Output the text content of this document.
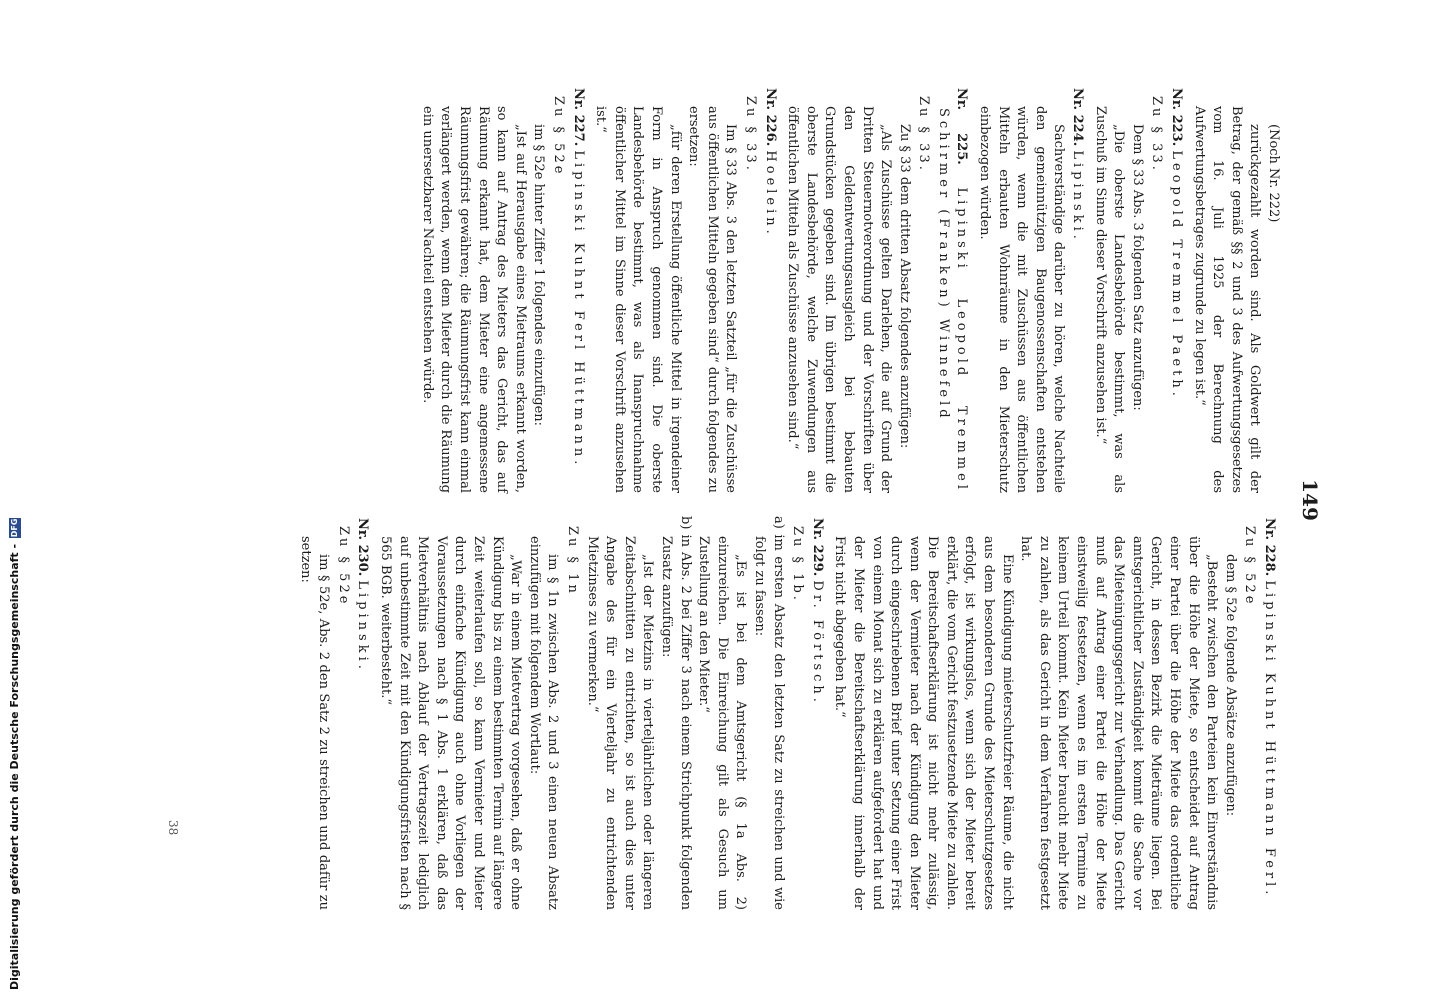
149

(Noch Nr. 222)

zurückgezahlt worden sind. Als Goldwert gilt der Betrag, der gemäß §§ 2 und 3 des Aufwertungsgesetzes vom 16. Juli 1925 der Berechnung des Aufwertungsbetrages zugrunde zu legen ist.“

Nr. 223. Leopold Tremmel Paeth.

Zu § 33.

Dem § 33 Abs. 3 folgenden Satz anzufügen:

„Die oberste Landesbehörde bestimmt, was als Zuschuß im Sinne dieser Vorschrift anzusehen ist.“

Nr. 224. Lipinski.

Sachverständige darüber zu hören, welche Nachteile den gemeinnützigen Baugenossenschaften entstehen würden, wenn die mit Zuschüssen aus öffentlichen Mitteln erbauten Wohnräume in den Mieterschutz einbezogen würden.

Nr. 225. Lipinski Leopold Tremmel Schirmer (Franken) Winnefeld

Zu § 33.

Zu § 33 dem dritten Absatz folgendes anzufügen:

„Als Zuschüsse gelten Darlehen, die auf Grund der Dritten Steuernotverordnung und der Vorschriften über den Geldentwertungsausgleich bei bebauten Grundstücken gegeben sind. Im übrigen bestimmt die oberste Landesbehörde, welche Zuwendungen aus öffentlichen Mitteln als Zuschüsse anzusehen sind.“

Nr. 226. Hoelein.

Zu § 33.

Im § 33 Abs. 3 den letzten Satzteil „für die Zuschüsse aus öffentlichen Mitteln gegeben sind“ durch folgendes zu ersetzen:

„für deren Erstellung öffentliche Mittel in irgendeiner Form in Anspruch genommen sind. Die oberste Landesbehörde bestimmt, was als Inanspruchnahme öffentlicher Mittel im Sinne dieser Vorschrift anzusehen ist.“

Nr. 227. Lipinski Kuhnt Ferl Hüttmann.

Zu § 52e

im § 52e hinter Ziffer 1 folgendes einzufügen:

„Ist auf Herausgabe eines Mietraums erkannt worden, so kann auf Antrag des Mieters das Gericht, das auf Räumung erkannt hat, dem Mieter eine angemessene Räumungsfrist gewähren; die Räumungsfrist kann einmal verlängert werden, wenn dem Mieter durch die Räumung ein unersetzbarer Nachteil entstehen würde.

Nr. 228. Lipinski Kuhnt Hüttmann Ferl.

Zu § 52e

dem § 52e folgende Absätze anzufügen:

„Besteht zwischen den Parteien kein Einverständnis über die Höhe der Miete, so entscheidet auf Antrag einer Partei über die Höhe der Miete das ordentliche Gericht, in dessen Bezirk die Mieträume liegen. Bei amtsgerichtlicher Zuständigkeit kommt die Sache vor das Mieteinigungsgericht zur Verhandlung. Das Gericht muß auf Antrag einer Partei die Höhe der Miete einstweilig festsetzen, wenn es im ersten Termine zu keinem Urteil kommt. Kein Mieter braucht mehr Miete zu zahlen, als das Gericht in dem Verfahren festgesetzt hat.

Eine Kündigung mieterschutzfreier Räume, die nicht aus dem besonderen Grunde des Mieterschutzgesetzes erfolgt, ist wirkungslos, wenn sich der Mieter bereit erklärt, die vom Gericht festzusetzende Miete zu zahlen. Die Bereitschaftserklärung ist nicht mehr zulässig, wenn der Vermieter nach der Kündigung den Mieter durch eingeschriebenen Brief unter Setzung einer Frist von einem Monat sich zu erklären aufgefordert hat und der Mieter die Bereitschaftserklärung innerhalb der Frist nicht abgegeben hat.“

Nr. 229. Dr. Förtsch.

Zu § 1b.

a) im ersten Absatz den letzten Satz zu streichen und wie folgt zu fassen:

„Es ist bei dem Amtsgericht (§ 1a Abs. 2) einzureichen. Die Einreichung gilt als Gesuch um Zustellung an den Mieter.“

b) in Abs. 2 bei Ziffer 3 nach einem Strichpunkt folgenden Zusatz anzufügen:

„Ist der Mietzins in vierteljährlichen oder längeren Zeitabschnitten zu entrichten, so ist auch dies unter Angabe des für ein Vierteljahr zu entrichtenden Mietzinses zu vermerken.“

Zu § 1n

im § 1n zwischen Abs. 2 und 3 einen neuen Absatz einzufügen mit folgendem Wortlaut:

„War in einem Mietvertrag vorgesehen, daß er ohne Kündigung bis zu einem bestimmten Termin auf längere Zeit weiterlaufen soll, so kann Vermieter und Mieter durch einfache Kündigung auch ohne Vorliegen der Voraussetzungen nach § 1 Abs. 1 erklären, daß das Mietverhältnis nach Ablauf der Vertragszeit lediglich auf unbestimmte Zeit mit den Kündigungsfristen nach § 565 BGB. weiterbesteht.“

Nr. 230. Lipinski.

Zu § 52e

im § 52e, Abs. 2 den Satz 2 zu streichen und dafür zu setzen:

38
Digitalisierung gefördert durch die Deutsche Forschungsgemeinschaft -
DFG
